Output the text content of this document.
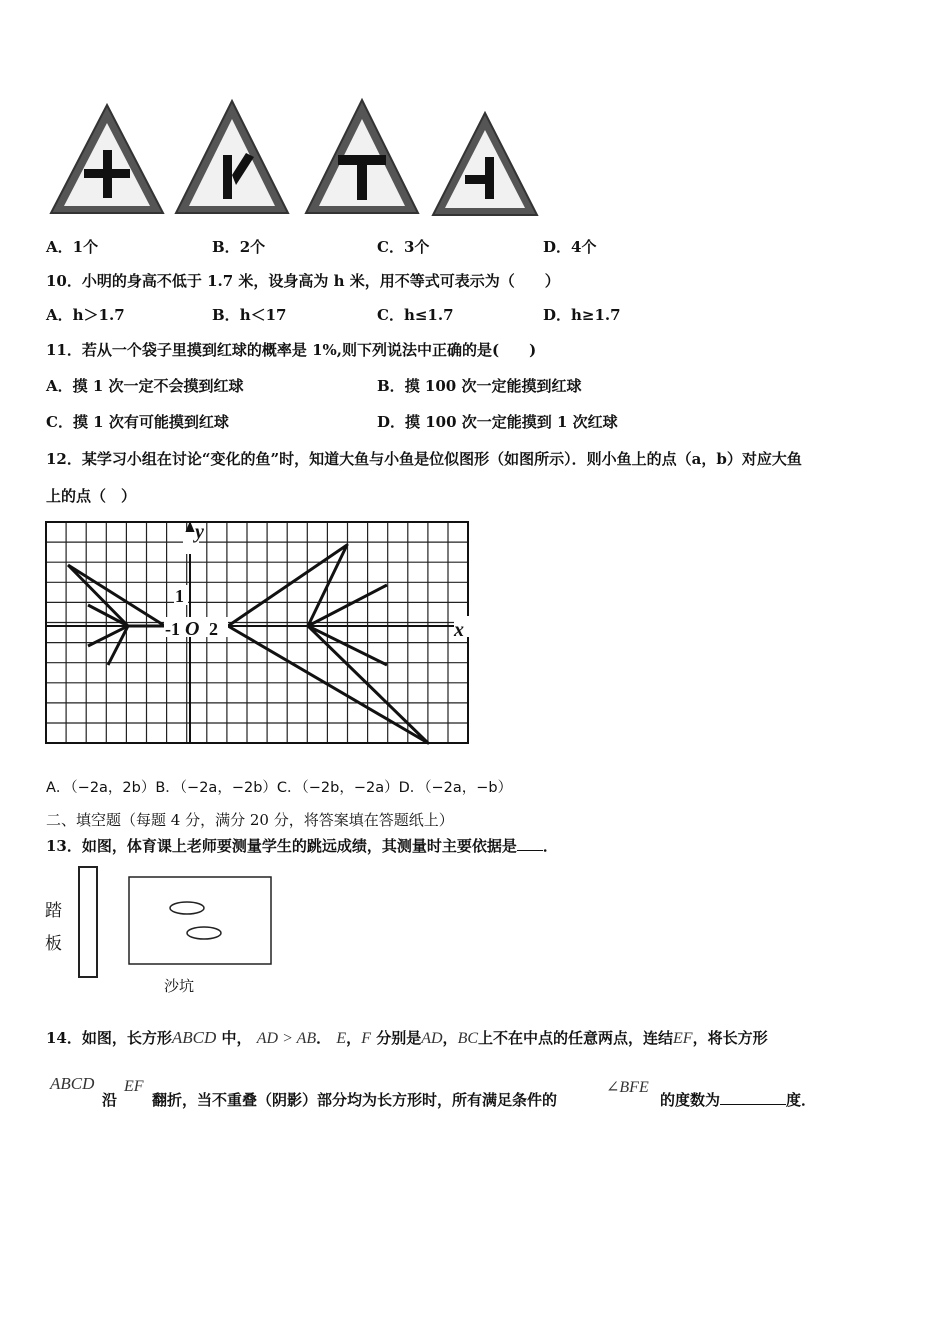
A．1个	B．2个	C．3个	D．4个
10．小明的身高不低于 1.7 米，设身高为 h 米，用不等式可表示为（　　）
A．h＞1.7	B．h＜17	C．h≤1.7	D．h≥1.7
11．若从一个袋子里摸到红球的概率是 1%,则下列说法中正确的是(　　)
A．摸 1 次一定不会摸到红球	B．摸 100 次一定能摸到红球
C．摸 1 次有可能摸到红球	D．摸 100 次一定能摸到 1 次红球
12．某学习小组在讨论“变化的鱼”时，知道大鱼与小鱼是位似图形（如图所示）．则小鱼上的点（a，b）对应大鱼
上的点（　）
y
x
1
-1 O 2
A．（−2a，2b）B．（−2a，−2b）C．（−2b，−2a）D．（−2a，−b）
二、填空题（每题 4 分，满分 20 分，将答案填在答题纸上）
13．如图，体育课上老师要测量学生的跳远成绩，其测量时主要依据是 ．
踏
板
沙坑
14．如图，长方形ABCD 中， AD > AB． E，F 分别是AD，BC上不在中点的任意两点，连结EF，将长方形
ABCD
沿
EF
翻折，当不重叠（阴影）部分均为长方形时，所有满足条件的
∠BFE
的度数为	度．
